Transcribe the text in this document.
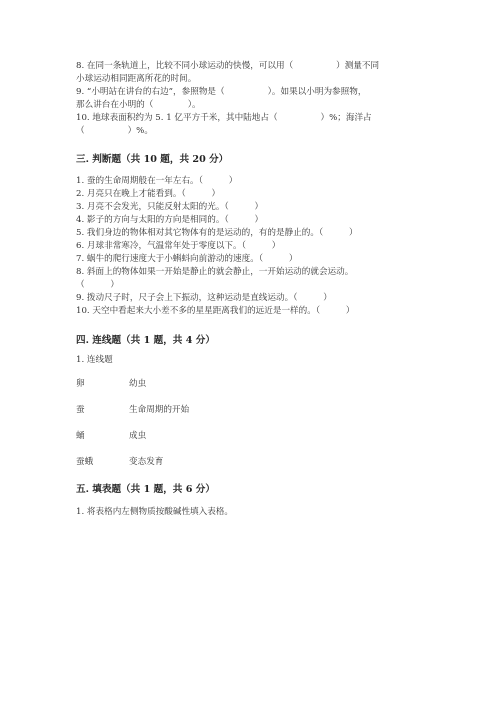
8. 在同一条轨道上，比较不同小球运动的快慢，可以用（　　　　　）测量不同
小球运动相同距离所花的时间。
9. “小明站在讲台的右边”，参照物是（　　　　　）。如果以小明为参照物，
那么讲台在小明的（　　　　）。
10. 地球表面积约为 5. 1 亿平方千米，其中陆地占（　　　　　）%；海洋占
（　　　　　）%。
三. 判断题（共 10 题，共 20 分）
1. 蚕的生命周期般在一年左右。（　　　）
2. 月亮只在晚上才能看到。（　　　）
3. 月亮不会发光，只能反射太阳的光。（　　　）
4. 影子的方向与太阳的方向是相同的。（　　　）
5. 我们身边的物体相对其它物体有的是运动的，有的是静止的。（　　　）
6. 月球非常寒冷，气温常年处于零度以下。（　　　）
7. 蜗牛的爬行速度大于小蝌蚪向前游动的速度。（　　　）
8. 斜面上的物体如果一开始是静止的就会静止，一开始运动的就会运动。
（　　　）
9. 拨动尺子时，尺子会上下振动，这种运动是直线运动。（　　　）
10. 天空中看起来大小差不多的星星距离我们的远近是一样的。（　　　）
四. 连线题（共 1 题，共 4 分）
1. 连线题
卵	幼虫
蚕	生命周期的开始
蛹	成虫
蚕蛾	变态发育
五. 填表题（共 1 题，共 6 分）
1. 将表格内左侧物质按酸碱性填入表格。
